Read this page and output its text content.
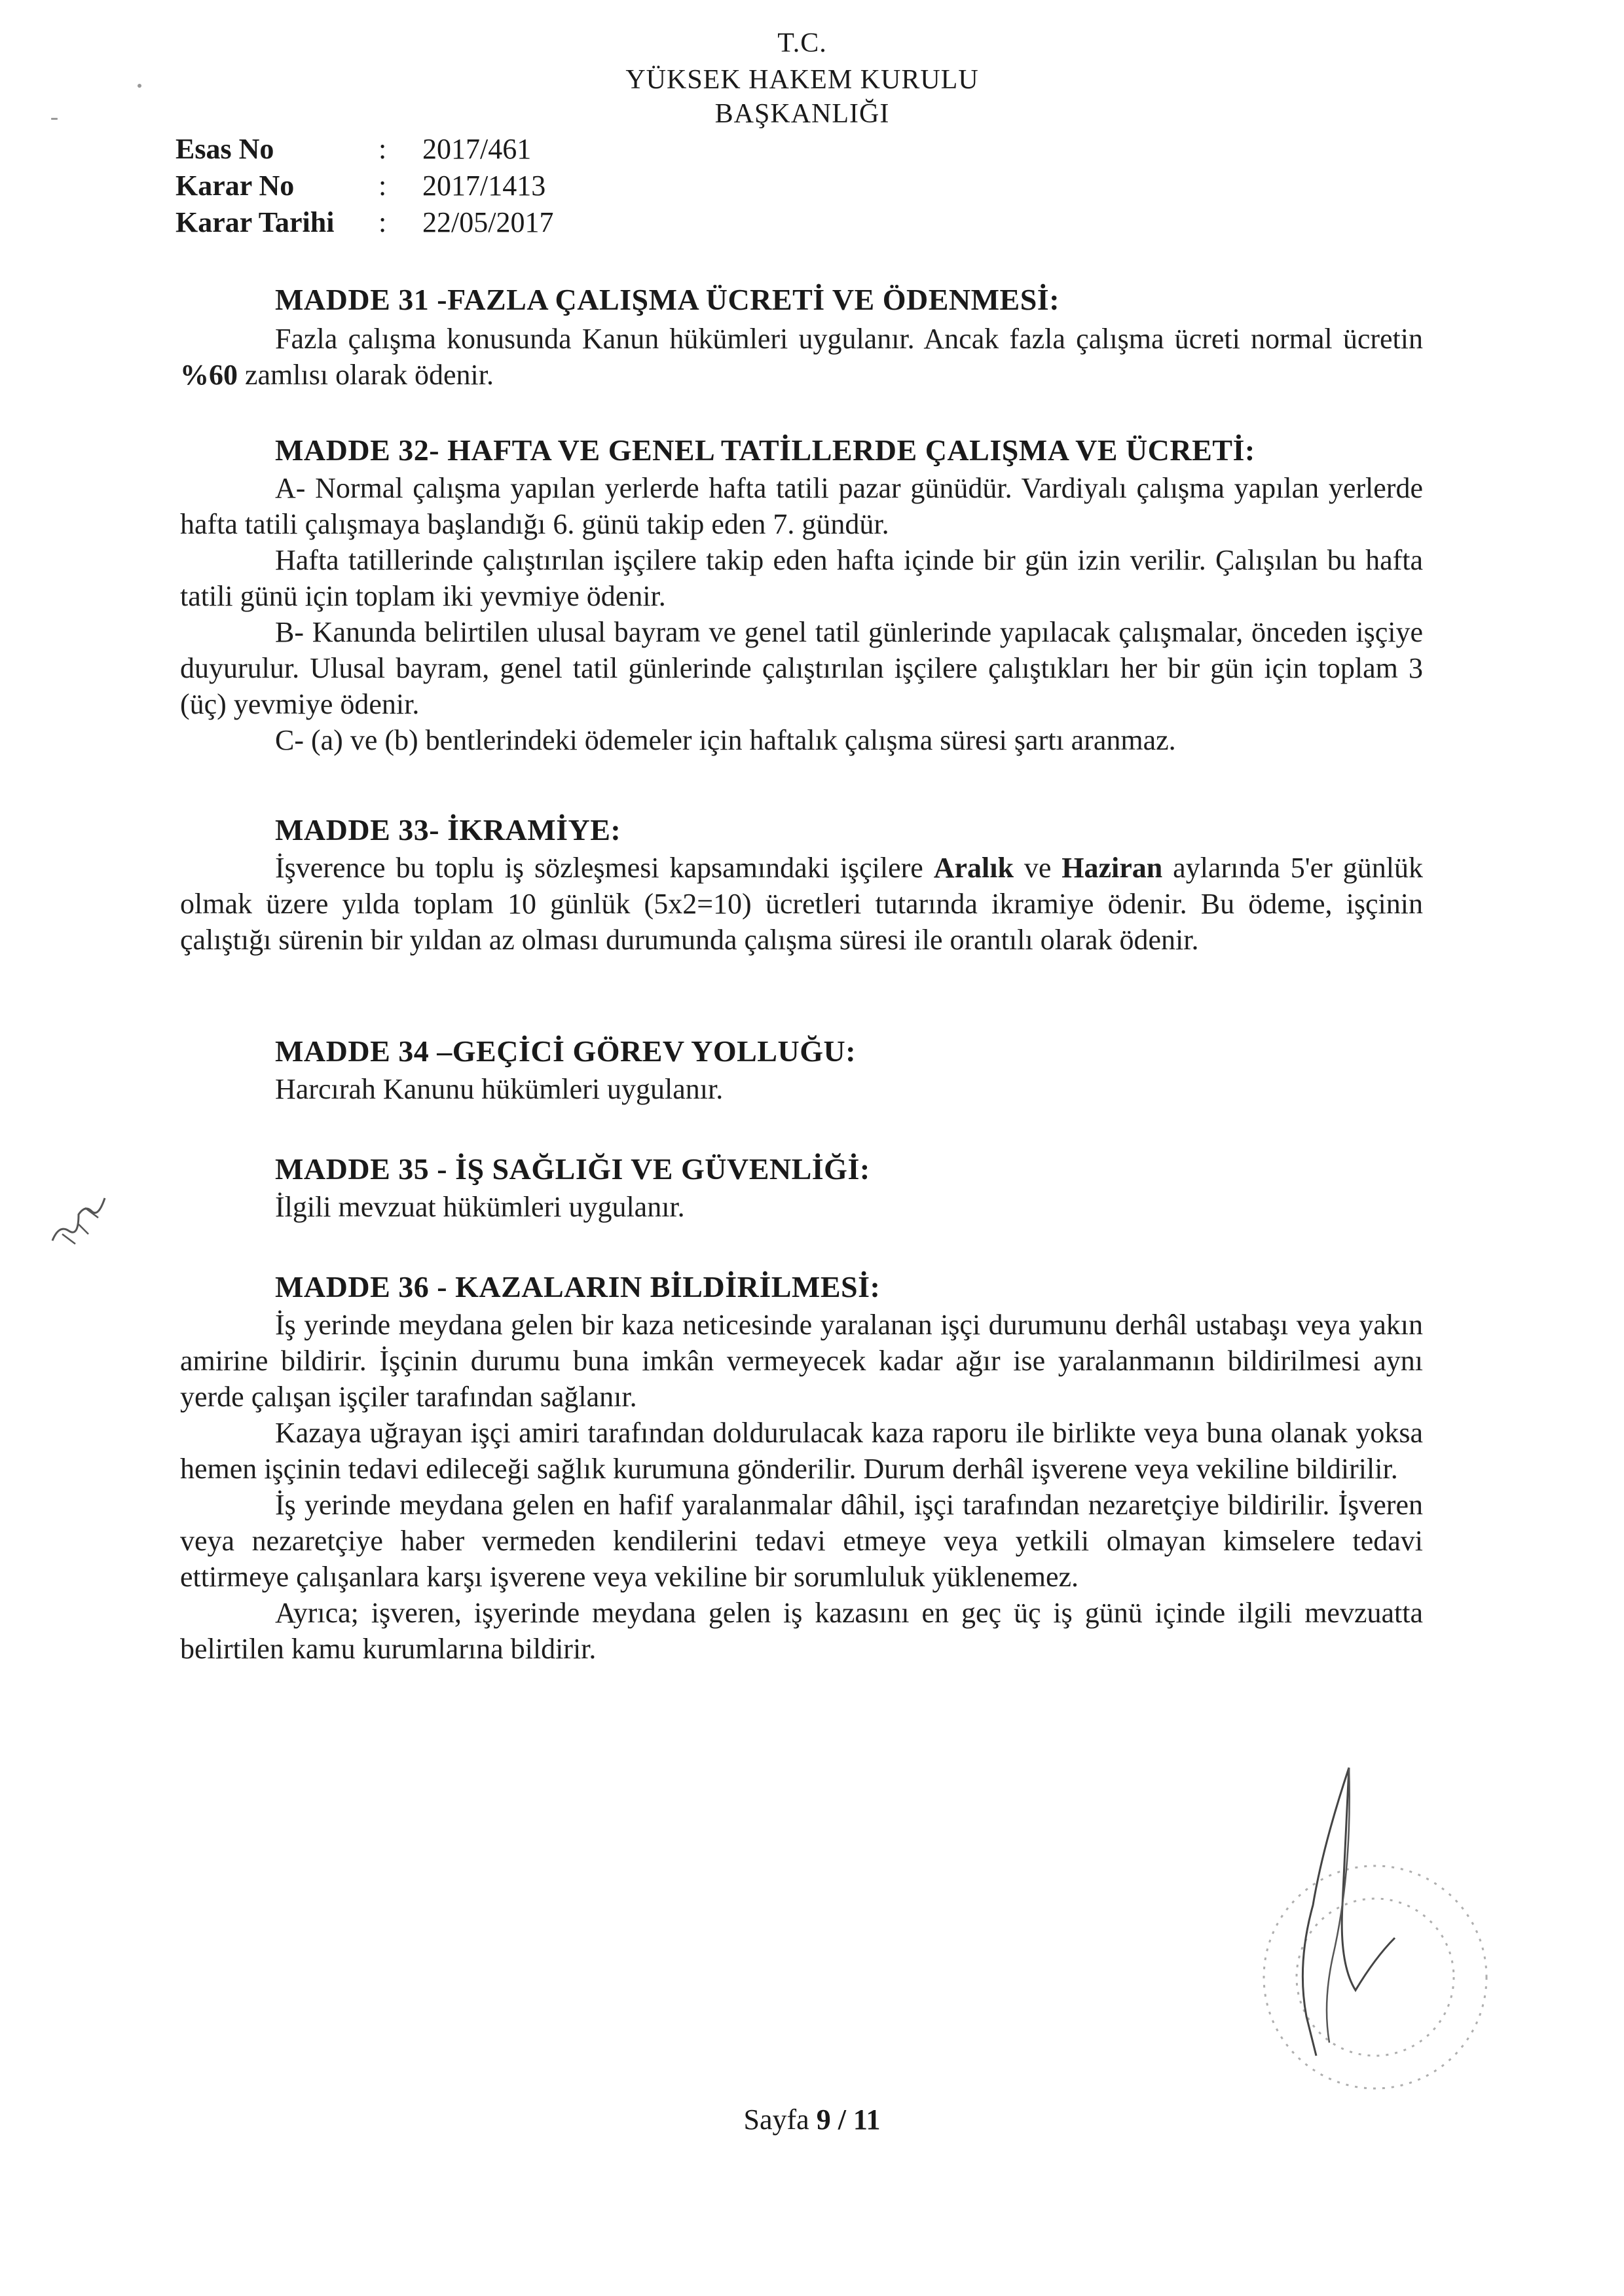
T.C.
YÜKSEK HAKEM KURULU
BAŞKANLIĞI
Esas No	: 2017/461
Karar No	: 2017/1413
Karar Tarihi : 22/05/2017
MADDE 31 -FAZLA ÇALIŞMA ÜCRETİ VE ÖDENMESİ:

Fazla çalışma konusunda Kanun hükümleri uygulanır. Ancak fazla çalışma ücreti normal ücretin %60 zamlısı olarak ödenir.

MADDE 32- HAFTA VE GENEL TATİLLERDE ÇALIŞMA VE ÜCRETİ:

A- Normal çalışma yapılan yerlerde hafta tatili pazar günüdür. Vardiyalı çalışma yapılan yerlerde hafta tatili çalışmaya başlandığı 6. günü takip eden 7. gündür.

Hafta tatillerinde çalıştırılan işçilere takip eden hafta içinde bir gün izin verilir. Çalışılan bu hafta tatili günü için toplam iki yevmiye ödenir.

B- Kanunda belirtilen ulusal bayram ve genel tatil günlerinde yapılacak çalışmalar, önceden işçiye duyurulur. Ulusal bayram, genel tatil günlerinde çalıştırılan işçilere çalıştıkları her bir gün için toplam 3 (üç) yevmiye ödenir.

C- (a) ve (b) bentlerindeki ödemeler için haftalık çalışma süresi şartı aranmaz.

MADDE 33- İKRAMİYE:

İşverence bu toplu iş sözleşmesi kapsamındaki işçilere Aralık ve Haziran aylarında 5'er günlük olmak üzere yılda toplam 10 günlük (5x2=10) ücretleri tutarında ikramiye ödenir. Bu ödeme, işçinin çalıştığı sürenin bir yıldan az olması durumunda çalışma süresi ile orantılı olarak ödenir.

MADDE 34 –GEÇİCİ GÖREV YOLLUĞU:
Harcırah Kanunu hükümleri uygulanır.
MADDE 35 - İŞ SAĞLIĞI VE GÜVENLİĞİ:
İlgili mevzuat hükümleri uygulanır.
MADDE 36 - KAZALARIN BİLDİRİLMESİ:

İş yerinde meydana gelen bir kaza neticesinde yaralanan işçi durumunu derhâl ustabaşı veya yakın amirine bildirir. İşçinin durumu buna imkân vermeyecek kadar ağır ise yaralanmanın bildirilmesi aynı yerde çalışan işçiler tarafından sağlanır.

Kazaya uğrayan işçi amiri tarafından doldurulacak kaza raporu ile birlikte veya buna olanak yoksa hemen işçinin tedavi edileceği sağlık kurumuna gönderilir. Durum derhâl işverene veya vekiline bildirilir.

İş yerinde meydana gelen en hafif yaralanmalar dâhil, işçi tarafından nezaretçiye bildirilir. İşveren veya nezaretçiye haber vermeden kendilerini tedavi etmeye veya yetkili olmayan kimselere tedavi ettirmeye çalışanlara karşı işverene veya vekiline bir sorumluluk yüklenemez.

Ayrıca; işveren, işyerinde meydana gelen iş kazasını en geç üç iş günü içinde ilgili mevzuatta belirtilen kamu kurumlarına bildirir.

Sayfa 9 / 11
